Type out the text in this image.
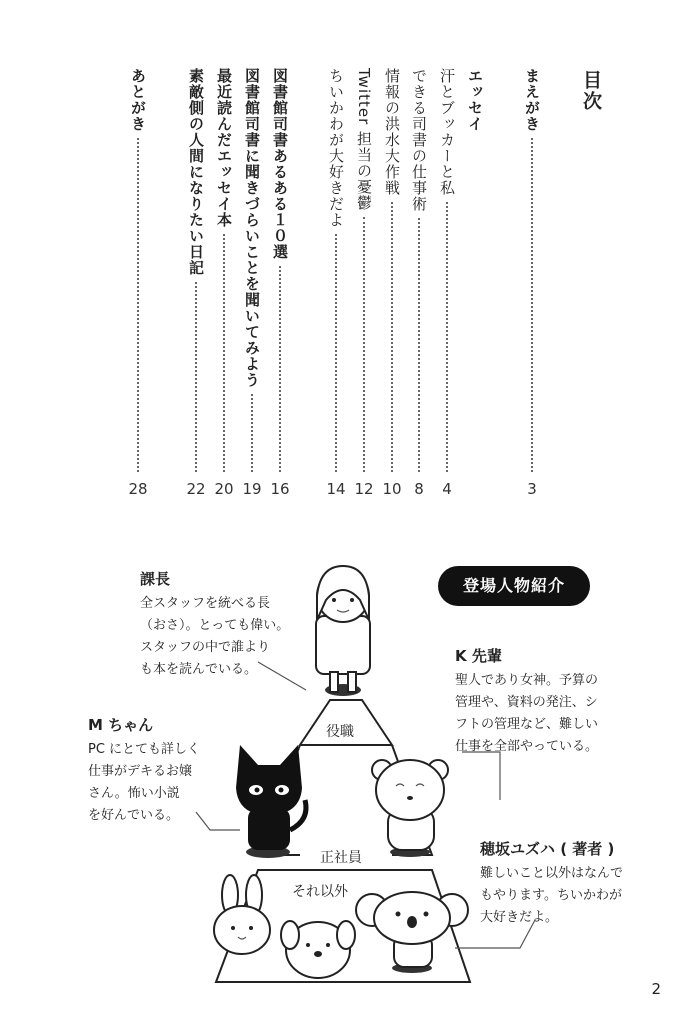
目次
まえがき
3
エッセイ
汗とブッカーと私
4
できる司書の仕事術
8
情報の洪水大作戦
10
Twitter 担当の憂鬱
12
ちいかわが大好きだよ
14
図書館司書あるある１０選
16
図書館司書に聞きづらいことを聞いてみよう
19
最近読んだエッセイ本
20
素敵側の人間になりたい日記
22
あとがき
28
役職
正社員
それ以外
登場人物紹介
課長
全スタッフを統べる長
（おさ）。とっても偉い。
スタッフの中で誰より
も本を読んでいる。
K 先輩
聖人であり女神。予算の
管理や、資料の発注、シ
フトの管理など、難しい
仕事を全部やっている。
M ちゃん
PC にとても詳しく
仕事がデキるお嬢
さん。怖い小説
を好んでいる。
穂坂ユズハ ( 著者 )
難しいこと以外はなんで
もやります。ちいかわが
大好きだよ。
2
